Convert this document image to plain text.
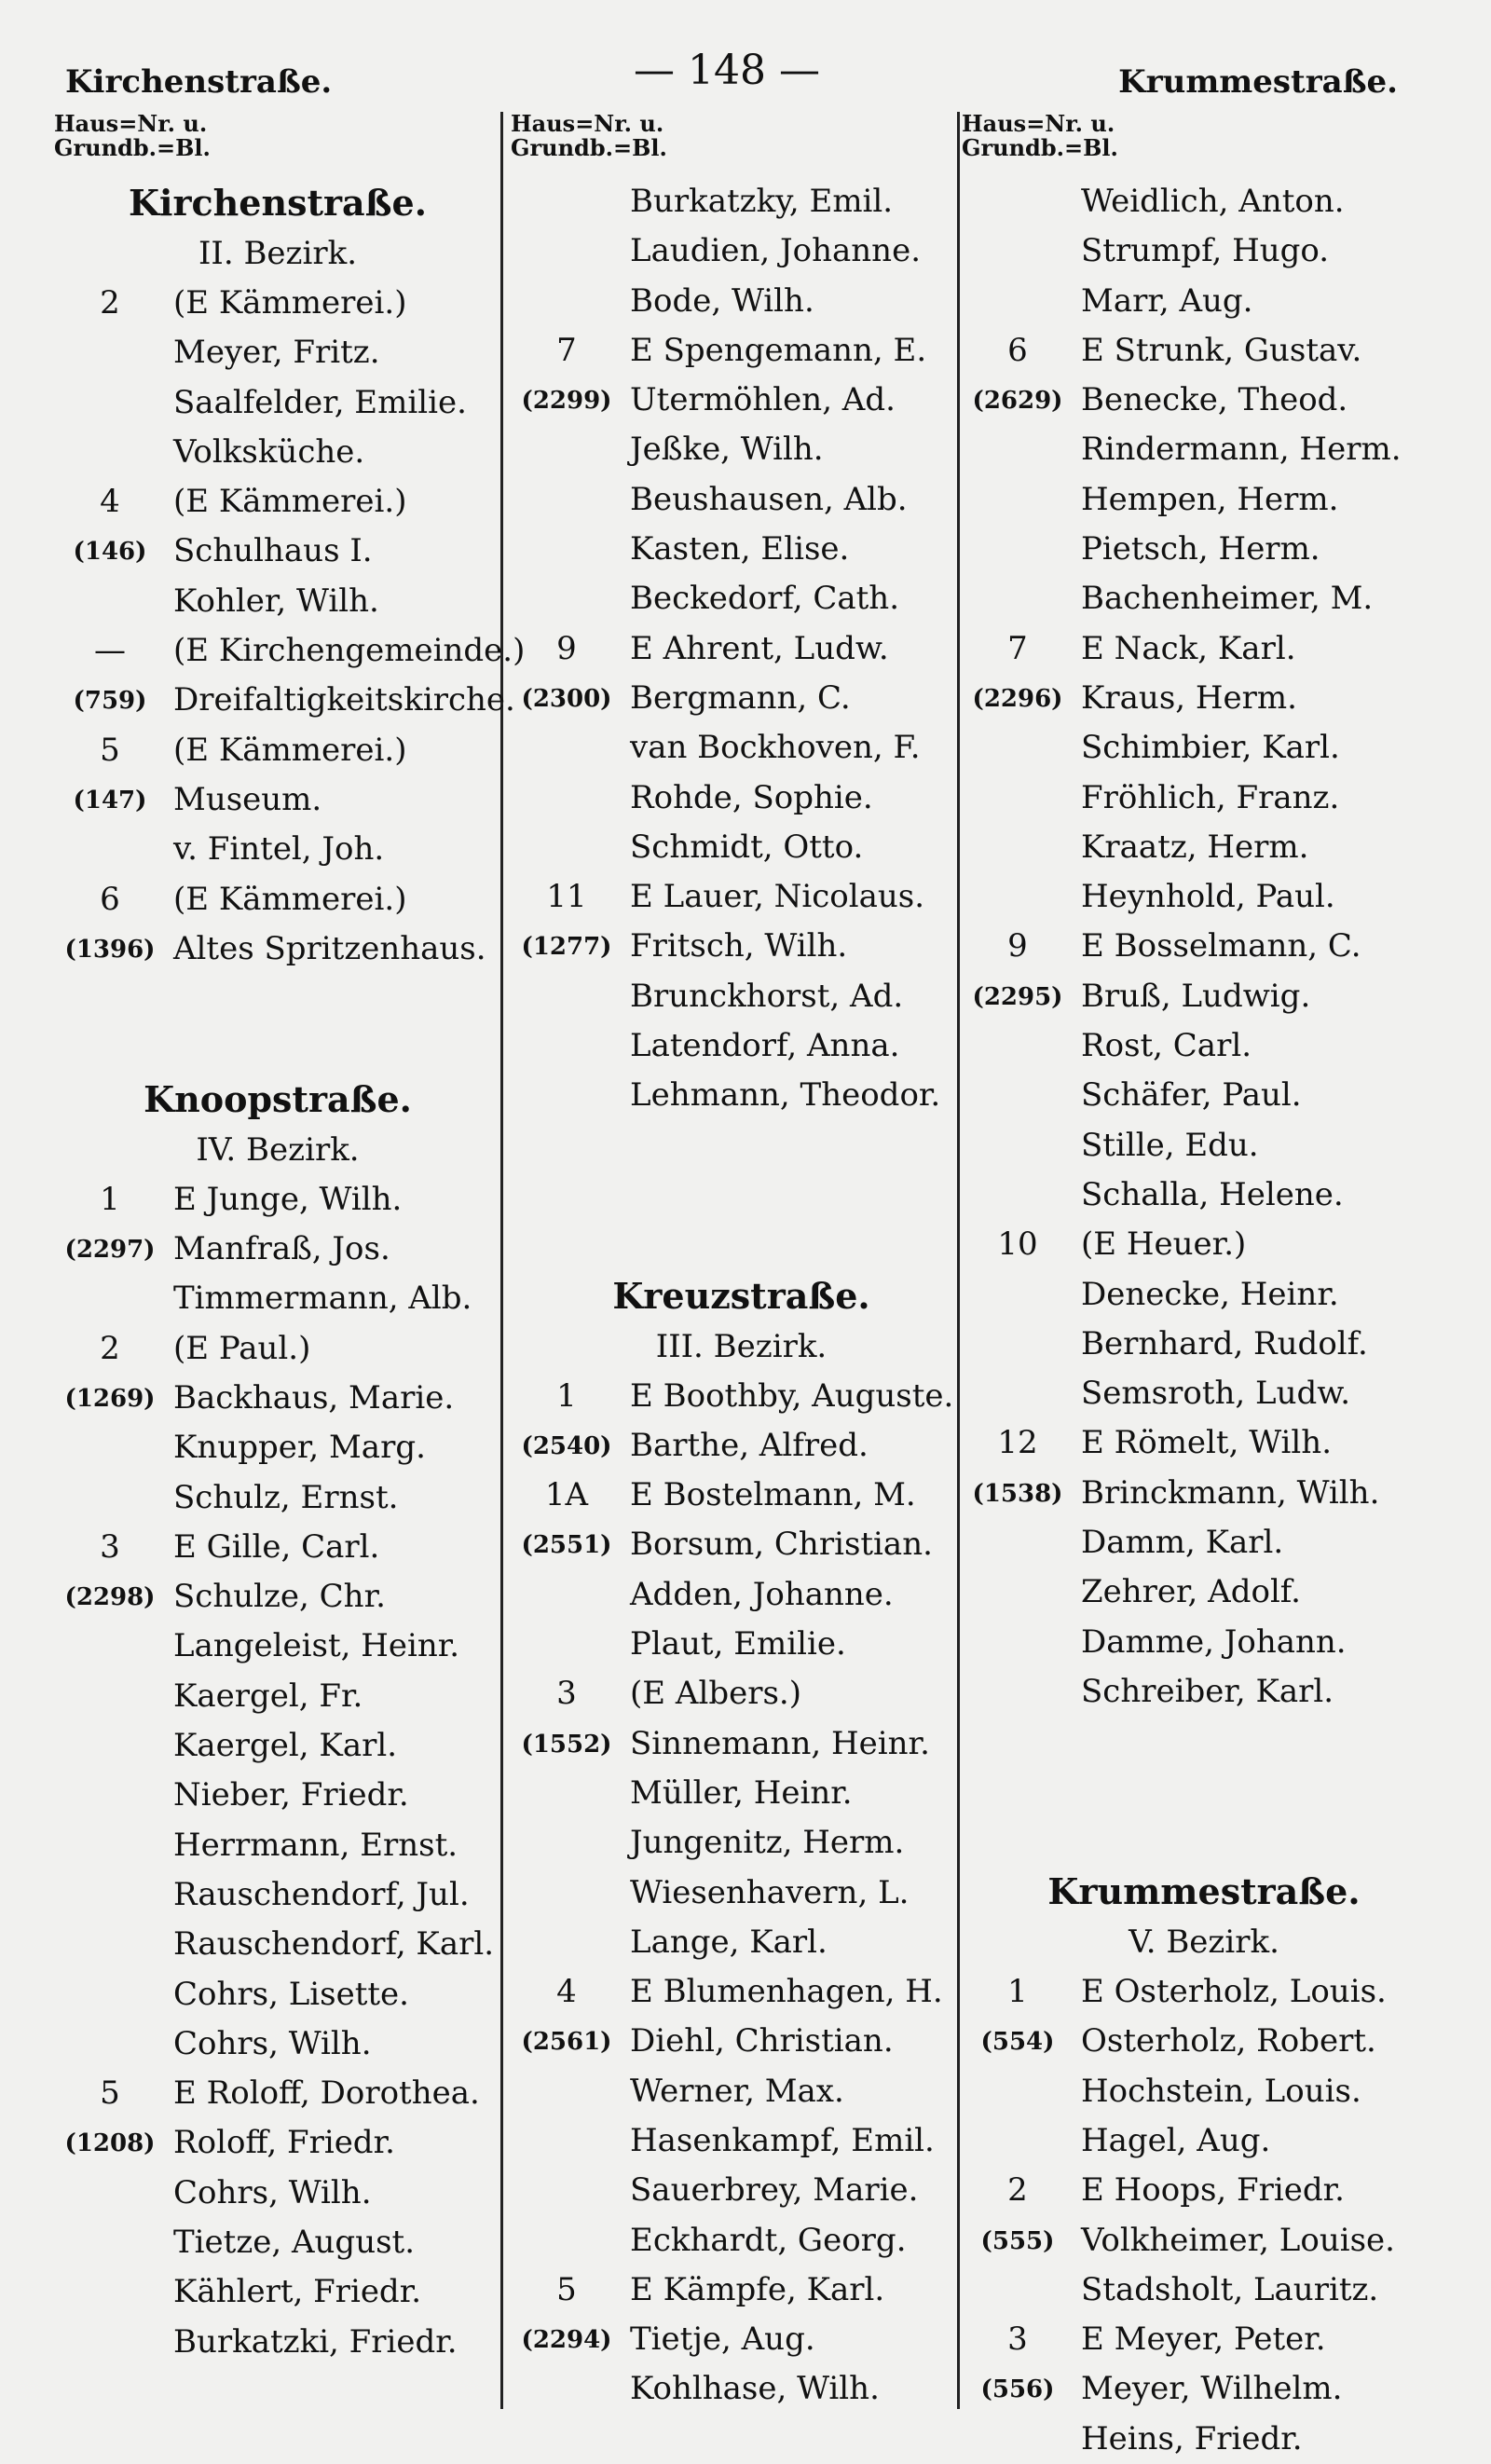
Kirchenstraße.	— 148 —	Krummestraße.
Haus=Nr. u.
Grundb.=Bl.
Kirchenstraße.
II. Bezirk.
2	(E Kämmerei.)
Meyer, Fritz.
Saalfelder, Emilie.
Volksküche.
4	(E Kämmerei.)
(146) Schulhaus I.
Kohler, Wilh.
—	(E Kirchengemeinde.)
(759) Dreifaltigkeitskirche.
5	(E Kämmerei.)
(147) Museum.
v. Fintel, Joh.
6	(E Kämmerei.)
(1396) Altes Spritzenhaus.
Knoopstraße.
IV. Bezirk.
1	E Junge, Wilh.
(2297) Manfraß, Jos.
Timmermann, Alb.
2	(E Paul.)
(1269) Backhaus, Marie.
Knupper, Marg.
Schulz, Ernst.
3	E Gille, Carl.
(2298) Schulze, Chr.
Langeleist, Heinr.
Kaergel, Fr.
Kaergel, Karl.
Nieber, Friedr.
Herrmann, Ernst.
Rauschendorf, Jul.
Rauschendorf, Karl.
Cohrs, Lisette.
Cohrs, Wilh.
5	E Roloff, Dorothea.
(1208) Roloff, Friedr.
Cohrs, Wilh.
Tietze, August.
Kählert, Friedr.
Burkatzki, Friedr.
Haus=Nr. u.
Grundb.=Bl.
Burkatzky, Emil.
Laudien, Johanne.
Bode, Wilh.
7	E Spengemann, E.
(2299) Utermöhlen, Ad.
Jeßke, Wilh.
Beushausen, Alb.
Kasten, Elise.
Beckedorf, Cath.
9	E Ahrent, Ludw.
(2300) Bergmann, C.
van Bockhoven, F.
Rohde, Sophie.
Schmidt, Otto.
11	E Lauer, Nicolaus.
(1277) Fritsch, Wilh.
Brunckhorst, Ad.
Latendorf, Anna.
Lehmann, Theodor.
Kreuzstraße.
III. Bezirk.
1	E Boothby, Auguste.
(2540) Barthe, Alfred.
1A	E Bostelmann, M.
(2551) Borsum, Christian.
Adden, Johanne.
Plaut, Emilie.
3	(E Albers.)
(1552) Sinnemann, Heinr.
Müller, Heinr.
Jungenitz, Herm.
Wiesenhavern, L.
Lange, Karl.
4	E Blumenhagen, H.
(2561) Diehl, Christian.
Werner, Max.
Hasenkampf, Emil.
Sauerbrey, Marie.
Eckhardt, Georg.
5	E Kämpfe, Karl.
(2294) Tietje, Aug.
Kohlhase, Wilh.
Haus=Nr. u.
Grundb.=Bl.
Weidlich, Anton.
Strumpf, Hugo.
Marr, Aug.
6	E Strunk, Gustav.
(2629) Benecke, Theod.
Rindermann, Herm.
Hempen, Herm.
Pietsch, Herm.
Bachenheimer, M.
7	E Nack, Karl.
(2296) Kraus, Herm.
Schimbier, Karl.
Fröhlich, Franz.
Kraatz, Herm.
Heynhold, Paul.
9	E Bosselmann, C.
(2295) Bruß, Ludwig.
Rost, Carl.
Schäfer, Paul.
Stille, Edu.
Schalla, Helene.
10	(E Heuer.)
Denecke, Heinr.
Bernhard, Rudolf.
Semsroth, Ludw.
12	E Römelt, Wilh.
(1538) Brinckmann, Wilh.
Damm, Karl.
Zehrer, Adolf.
Damme, Johann.
Schreiber, Karl.
Krummestraße.
V. Bezirk.
1	E Osterholz, Louis.
(554) Osterholz, Robert.
Hochstein, Louis.
Hagel, Aug.
2	E Hoops, Friedr.
(555) Volkheimer, Louise.
Stadsholt, Lauritz.
3	E Meyer, Peter.
(556) Meyer, Wilhelm.
Heins, Friedr.
